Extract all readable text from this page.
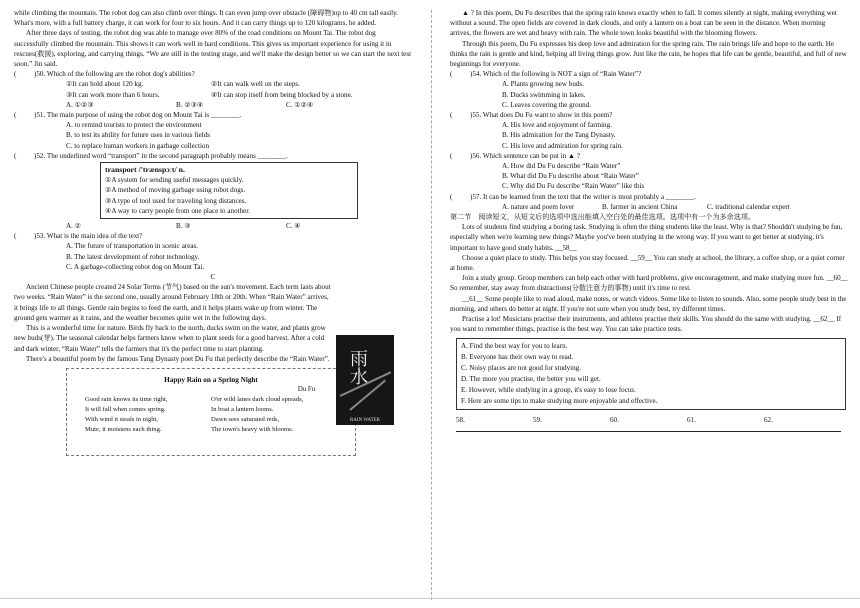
while climbing the mountain. The robot dog can also climb over things. It can even jump over obstacle (障碍物)up to 40 cm tall easily. What's more, with a full battery charge, it can work for four to six hours. And it can carry things up to 120 kilograms, he added.

After three days of testing, the robot dog was able to manage over 80% of the road conditions on Mount Tai. The robot dog successfully climbed the mountain. This shows it can work well in hard conditions. This gives us important experience for using it in rescues(救援), exploring, and carrying things. “We are still in the testing stage, and we'll make the design better so we can start the next test soon.” Jin said.

(	)50. Which of the following are the robot dog's abilities?
①It can hold about 120 kg.	②It can walk well on the steps.
③It can work more than 6 hours.	④It can stop itself from being blocked by a stone.
A. ①②③	B. ②③④	C. ①②④
(	)51. The main purpose of using the robot dog on Mount Tai is ________.
A. to remind tourists to protect the environment
B. to test its ability for future uses in various fields
C. to replace human workers in garbage collection
(	)52. The underlined word “transport” in the second paragraph probably means ________.
transport /'trænspɔːt/ n.
①A system for sending useful messages quickly.
②A method of moving garbage using robot dogs.
③A type of tool used for traveling long distances.
④A way to carry people from one place to another.
A. ②	B. ③	C. ④
(	)53. What is the main idea of the text?
A. The future of transportation in scenic areas.
B. The latest development of robot technology.
C. A garbage-collecting robot dog on Mount Tai.

C

Ancient Chinese people created 24 Solar Terms (节气) based on the sun's movement. Each term lasts about two weeks. “Rain Water” is the second one, usually around February 18th or 20th. When “Rain Water” arrives, it brings life to all things. Gentle rain begins to feed the earth, and it helps plants wake up from winter. The ground gets warmer as it rains, and the weather becomes quite wet in the following days.

This is a wonderful time for nature. Birds fly back to the north, ducks swim on the water, and plants grow new buds(芽). The seasonal calendar helps farmers know when to plant seeds for a good harvest. After a cold and dark winter, “Rain Water” tells the farmers that it's the perfect time to start planting.

There's a beautiful poem by the famous Tang Dynasty poet Du Fu that perfectly describe the “Rain Water”.

Happy Rain on a Spring Night
Du Fu
Good rain knows its time right,
It will fall when comes spring.
With wind it steals in night,
Mute, it moistens each thing.
O'er wild lanes dark cloud spreads,
In boat a lantern looms.
Dawn sees saturated reds,
The town's heavy with blooms.
雨水
RAIN WATER

▲ ? In this poem, Du Fu describes that the spring rain knows exactly when to fall. It comes silently at night, making everything wet without a sound. The open fields are covered in dark clouds, and only a lantern on a boat can be seen in the distance. When morning arrives, the flowers are wet and heavy with rain. The whole town looks beautiful with the blooming flowers.

Through this poem, Du Fu expresses his deep love and admiration for the spring rain. The rain brings life and hope to the earth. He thinks the rain is gentle and kind, helping all living things grow. Just like the rain, he hopes that life can be gentle, beautiful, and full of new beginnings for everyone.

(	)54. Which of the following is NOT a sign of “Rain Water”?
A. Plants growing new buds.
B. Ducks swimming in lakes.
C. Leaves covering the ground.
(	)55. What does Du Fu want to show in this poem?
A. His love and enjoyment of farming.
B. His admiration for the Tang Dynasty.
C. His love and admiration for spring rain.
(	)56. Which sentence can be put in ▲ ?
A. How did Du Fu describe “Rain Water”
B. What did Du Fu describe about “Rain Water”
C. Why did Du Fu describe “Rain Water” like this
(	)57. It can be learned from the text that the writer is most probably a ________.
A. nature and poem lover	B. farmer in ancient China	C. traditional calendar expert

第二节　阅读短文，从短文后的选项中选出能填入空白处的最佳选项。选项中有一个为多余选项。

Lots of students find studying a boring task. Studying is often the thing students like the least. Why is that? Shouldn't studying be fun, especially when we're learning new things? Maybe you've been studying in the wrong way. If you want to get better at studying, it's important to have good study habits. __58__

Choose a quiet place to study. This helps you stay focused. __59__ You can study at school, the library, a coffee shop, or a quiet corner at home.

Join a study group. Group members can help each other with hard problems, give encouragement, and make studying more fun. __60__ So remember, stay away from distractions(分散注意力的事物) until it's time to rest.

__61__ Some people like to read aloud, make notes, or watch videos. Some like to listen to sounds. Also, some people study best in the morning, and others do better at night. If you're not sure when you study best, try different times.

Practise a lot! Musicians practise their instruments, and athletes practise their skills. You should do the same with studying. __62__ If you want to remember things, practise is the best way. You can take practice tests.

A. Find the best way for you to learn.
B. Everyone has their own way to read.
C. Noisy places are not good for studying.
D. The more you practise, the better you will get.
E. However, while studying in a group, it's easy to lose focus.
F. Here are some tips to make studying more enjoyable and effective.
58.	59.	60.	61.	62.
